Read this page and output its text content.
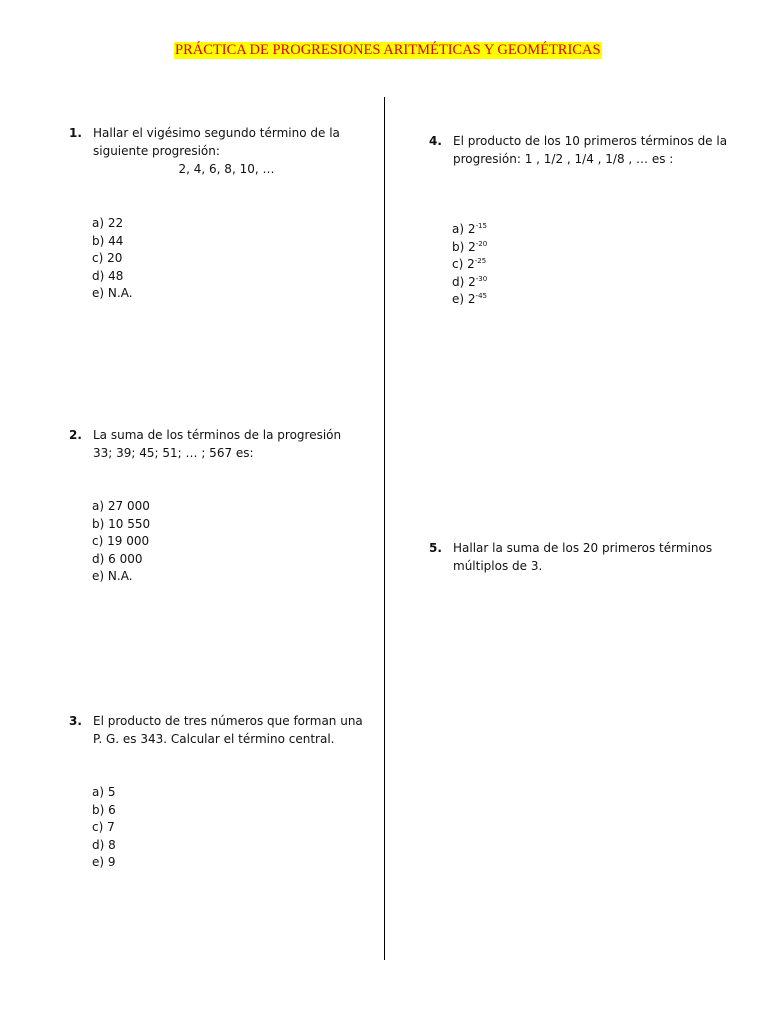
PRÁCTICA DE PROGRESIONES ARITMÉTICAS Y GEOMÉTRICAS
1. Hallar el vigésimo segundo término de la
siguiente progresión:
2, 4, 6, 8, 10, …
a) 22
b) 44
c) 20
d) 48
e) N.A.
2. La suma de los términos de la progresión
33; 39; 45; 51; … ; 567 es:
a) 27 000
b) 10 550
c) 19 000
d) 6 000
e) N.A.
3. El producto de tres números que forman una
P. G. es 343. Calcular el término central.
a) 5
b) 6
c) 7
d) 8
e) 9
4. El producto de los 10 primeros términos de la
progresión: 1 , 1/2 , 1/4 , 1/8 , … es :
a) $2^{-15}$
b) $2^{-20}$
c) $2^{-25}$
d) $2^{-30}$
e) $2^{-45}$
5. Hallar la suma de los 20 primeros términos
múltiplos de 3.
